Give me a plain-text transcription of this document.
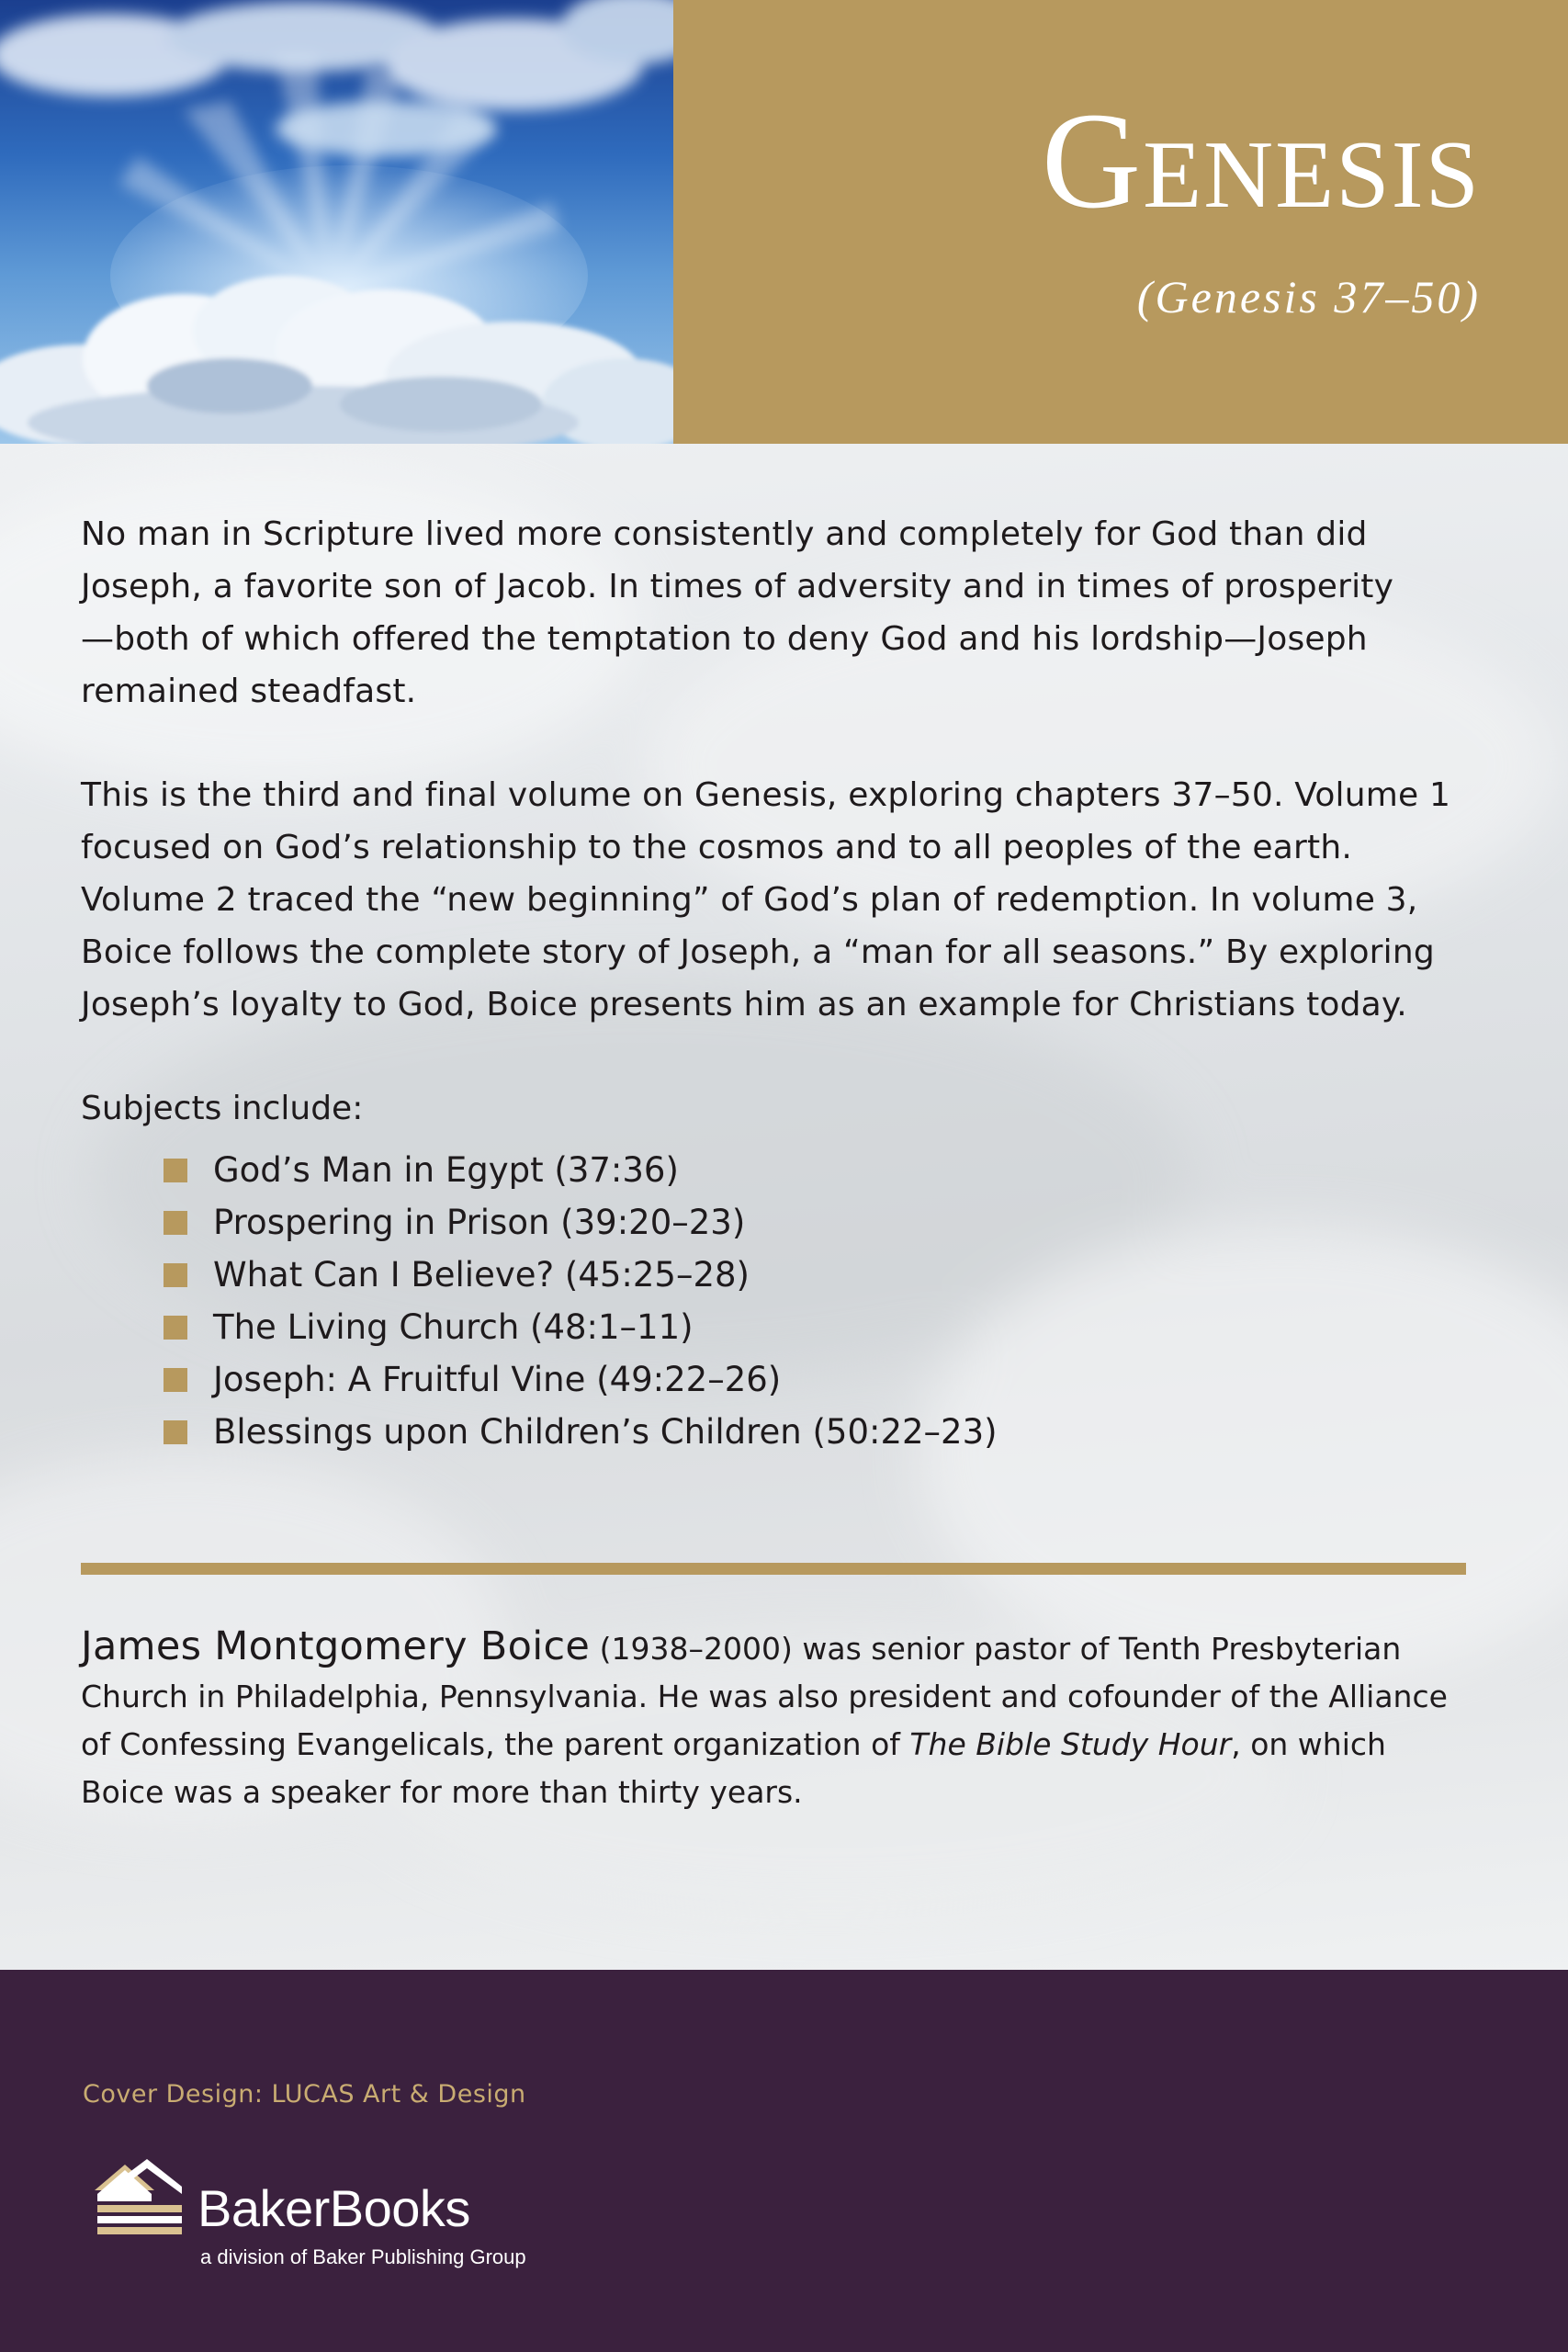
Genesis
(Genesis 37–50)

No man in Scripture lived more consistently and completely for God than did Joseph, a favorite son of Jacob. In times of adversity and in times of prosperity—both of which offered the temptation to deny God and his lordship—Joseph remained steadfast.

This is the third and final volume on Genesis, exploring chapters 37–50. Volume 1 focused on God’s relationship to the cosmos and to all peoples of the earth. Volume 2 traced the “new beginning” of God’s plan of redemption. In volume 3, Boice follows the complete story of Joseph, a “man for all seasons.” By exploring Joseph’s loyalty to God, Boice presents him as an example for Christians today.

Subjects include:

God’s Man in Egypt (37:36)
Prospering in Prison (39:20–23)
What Can I Believe? (45:25–28)
The Living Church (48:1–11)
Joseph: A Fruitful Vine (49:22–26)
Blessings upon Children’s Children (50:22–23)
James Montgomery Boice (1938–2000) was senior pastor of Tenth Presbyterian Church in Philadelphia, Pennsylvania. He was also president and cofounder of the Alliance of Confessing Evangelicals, the parent organization of The Bible Study Hour, on which Boice was a speaker for more than thirty years.
Cover Design: LUCAS Art & Design
BakerBooks
a division of Baker Publishing Group
